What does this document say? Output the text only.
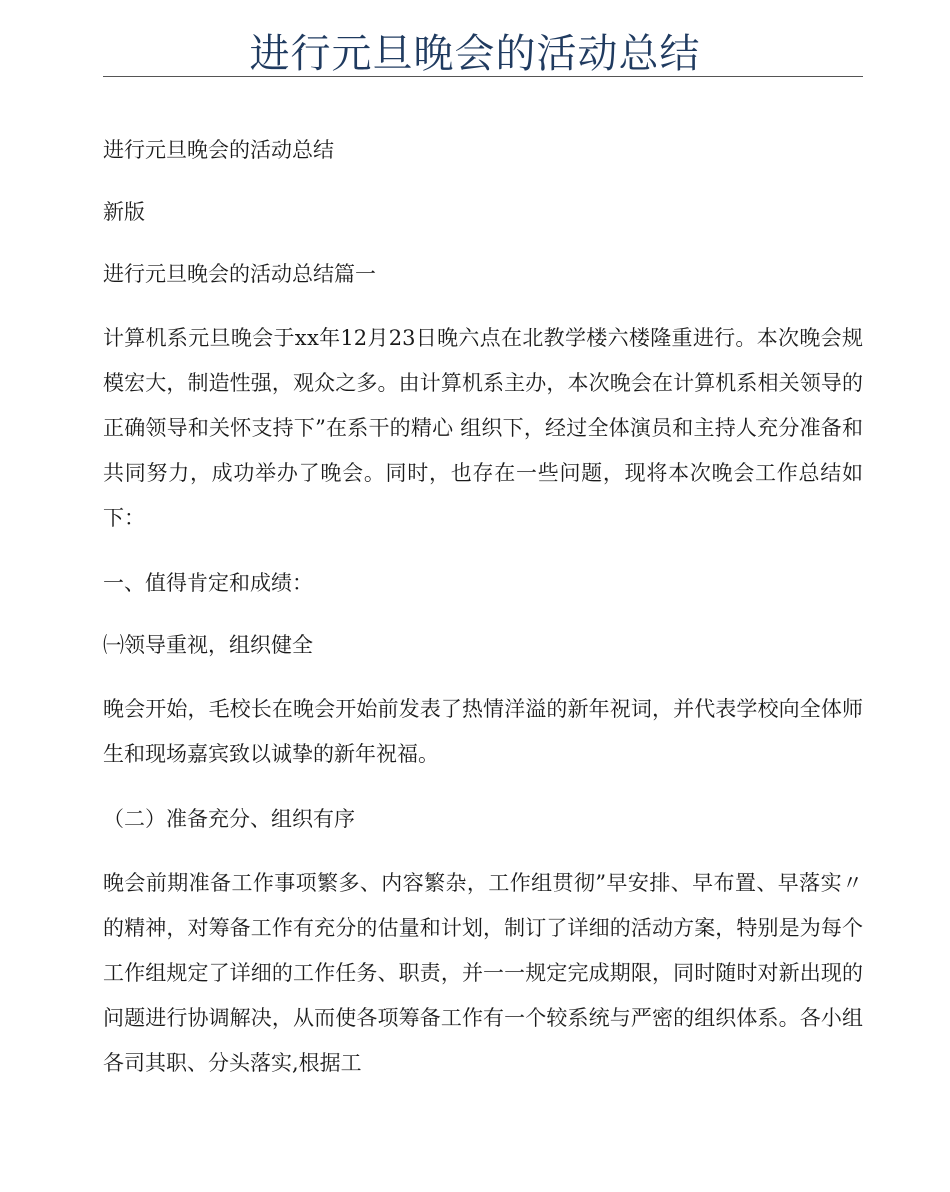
进行元旦晚会的活动总结

进行元旦晚会的活动总结

新版

进行元旦晚会的活动总结篇一

计算机系元旦晚会于ⅹⅹ年12月23日晚六点在北教学楼六楼隆重进行。本次晚会规模宏大，制造性强，观众之多。由计算机系主办，本次晚会在计算机系相关领导的正确领导和关怀支持下”在系干的精心 组织下，经过全体演员和主持人充分准备和共同努力，成功举办了晚会。同时，也存在一些问题，现将本次晚会工作总结如下：

一、值得肯定和成绩：

㈠领导重视，组织健全

晚会开始，毛校长在晚会开始前发表了热情洋溢的新年祝词，并代表学校向全体师生和现场嘉宾致以诚挚的新年祝福。

（二）准备充分、组织有序

晚会前期准备工作事项繁多、内容繁杂，工作组贯彻”早安排、早布置、早落实〃的精神，对筹备工作有充分的估量和计划，制订了详细的活动方案，特别是为每个工作组规定了详细的工作任务、职责，并一一规定完成期限，同时随时对新出现的问题进行协调解决，从而使各项筹备工作有一个较系统与严密的组织体系。各小组各司其职、分头落实,根据工
